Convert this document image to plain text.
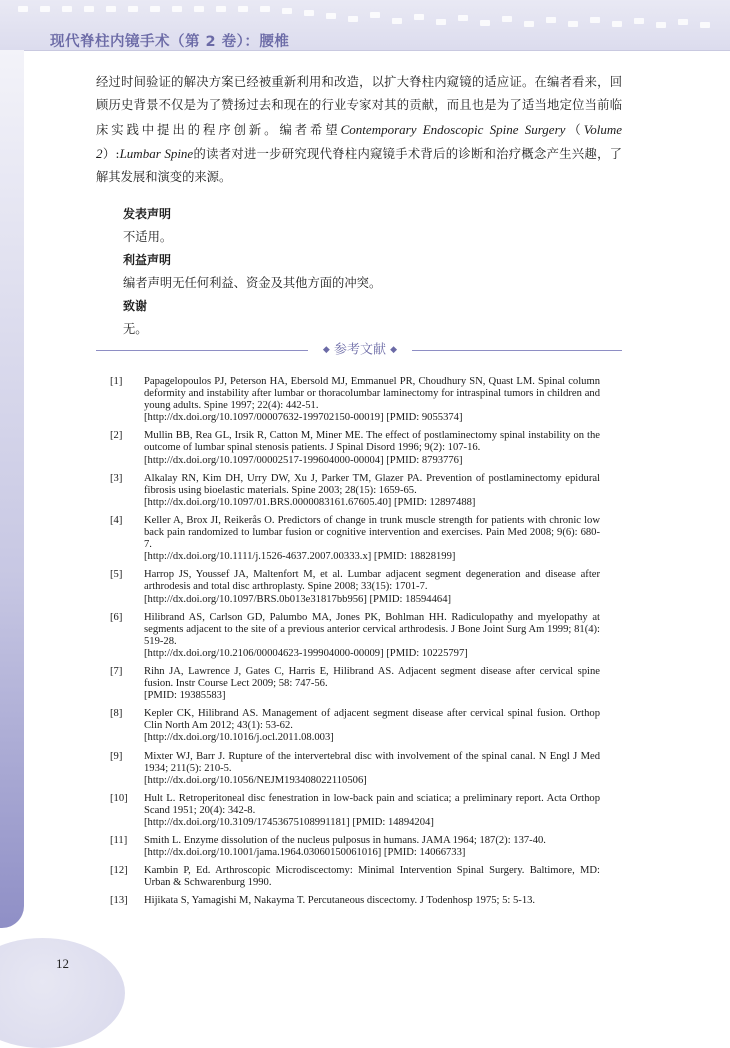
现代脊柱内镜手术（第 2 卷）：腰椎
12

经过时间验证的解决方案已经被重新利用和改造，以扩大脊柱内窥镜的适应证。在编者看来，回顾历史背景不仅是为了赞扬过去和现在的行业专家对其的贡献，而且也是为了适当地定位当前临床实践中提出的程序创新。编者希望Contemporary Endoscopic Spine Surgery（Volume 2）:Lumbar Spine的读者对进一步研究现代脊柱内窥镜手术背后的诊断和治疗概念产生兴趣，了解其发展和演变的来源。

发表声明
不适用。
利益声明
编者声明无任何利益、资金及其他方面的冲突。
致谢
无。
◆ 参考文献 ◆
[1]	Papagelopoulos PJ, Peterson HA, Ebersold MJ, Emmanuel PR, Choudhury SN, Quast LM. Spinal column deformity and instability after lumbar or thoracolumbar laminectomy for intraspinal tumors in children and young adults. Spine 1997; 22(4): 442-51.
[http://dx.doi.org/10.1097/00007632-199702150-00019] [PMID: 9055374]
[2]	Mullin BB, Rea GL, Irsik R, Catton M, Miner ME. The effect of postlaminectomy spinal instability on the outcome of lumbar spinal stenosis patients. J Spinal Disord 1996; 9(2): 107-16.
[http://dx.doi.org/10.1097/00002517-199604000-00004] [PMID: 8793776]
[3]	Alkalay RN, Kim DH, Urry DW, Xu J, Parker TM, Glazer PA. Prevention of postlaminectomy epidural fibrosis using bioelastic materials. Spine 2003; 28(15): 1659-65.
[http://dx.doi.org/10.1097/01.BRS.0000083161.67605.40] [PMID: 12897488]
[4]	Keller A, Brox JI, Reikerås O. Predictors of change in trunk muscle strength for patients with chronic low back pain randomized to lumbar fusion or cognitive intervention and exercises. Pain Med 2008; 9(6): 680-7.
[http://dx.doi.org/10.1111/j.1526-4637.2007.00333.x] [PMID: 18828199]
[5]	Harrop JS, Youssef JA, Maltenfort M, et al. Lumbar adjacent segment degeneration and disease after arthrodesis and total disc arthroplasty. Spine 2008; 33(15): 1701-7.
[http://dx.doi.org/10.1097/BRS.0b013e31817bb956] [PMID: 18594464]
[6]	Hilibrand AS, Carlson GD, Palumbo MA, Jones PK, Bohlman HH. Radiculopathy and myelopathy at segments adjacent to the site of a previous anterior cervical arthrodesis. J Bone Joint Surg Am 1999; 81(4): 519-28.
[http://dx.doi.org/10.2106/00004623-199904000-00009] [PMID: 10225797]
[7]	Rihn JA, Lawrence J, Gates C, Harris E, Hilibrand AS. Adjacent segment disease after cervical spine fusion. Instr Course Lect 2009; 58: 747-56.
[PMID: 19385583]
[8]	Kepler CK, Hilibrand AS. Management of adjacent segment disease after cervical spinal fusion. Orthop Clin North Am 2012; 43(1): 53-62.
[http://dx.doi.org/10.1016/j.ocl.2011.08.003]
[9]	Mixter WJ, Barr J. Rupture of the intervertebral disc with involvement of the spinal canal. N Engl J Med 1934; 211(5): 210-5.
[http://dx.doi.org/10.1056/NEJM193408022110506]
[10]	Hult L. Retroperitoneal disc fenestration in low-back pain and sciatica; a preliminary report. Acta Orthop Scand 1951; 20(4): 342-8.
[http://dx.doi.org/10.3109/17453675108991181] [PMID: 14894204]
[11]	Smith L. Enzyme dissolution of the nucleus pulposus in humans. JAMA 1964; 187(2): 137-40.
[http://dx.doi.org/10.1001/jama.1964.03060150061016] [PMID: 14066733]
[12]	Kambin P, Ed. Arthroscopic Microdiscectomy: Minimal Intervention Spinal Surgery. Baltimore, MD: Urban & Schwarenburg 1990.
[13]	Hijikata S, Yamagishi M, Nakayma T. Percutaneous discectomy. J Todenhosp 1975; 5: 5-13.
